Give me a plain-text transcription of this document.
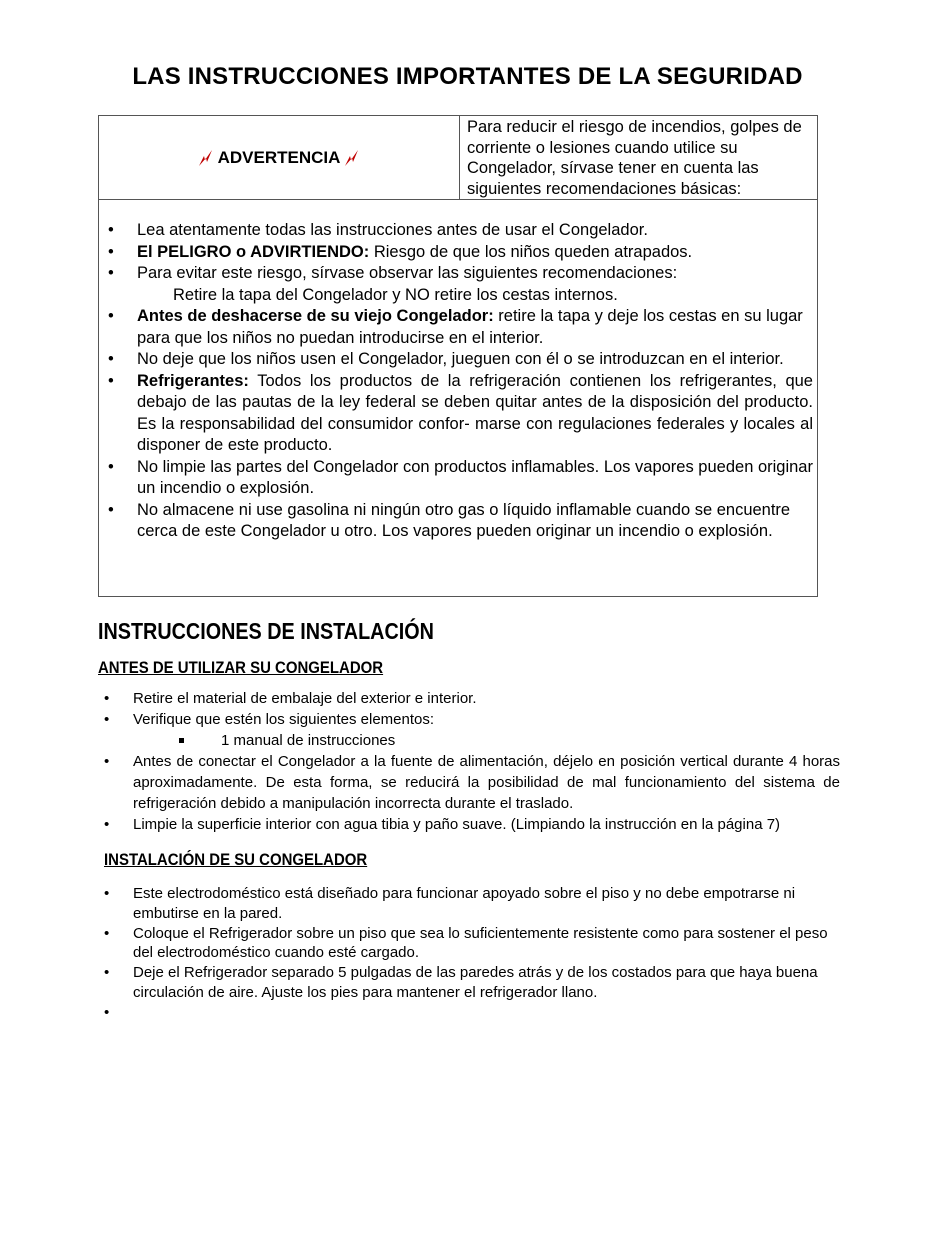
LAS INSTRUCCIONES IMPORTANTES DE LA SEGURIDAD
ADVERTENCIA
Para reducir el riesgo de incendios, golpes de corriente o lesiones cuando utilice su Congelador, sírvase tener en cuenta las siguientes recomendaciones básicas:
• Lea atentamente todas las instrucciones antes de usar el Congelador.
• El PELIGRO o ADVIRTIENDO: Riesgo de que los niños queden atrapados.
• Para evitar este riesgo, sírvase observar las siguientes recomendaciones:
Retire la tapa del Congelador y NO retire los cestas internos.
• Antes de deshacerse de su viejo Congelador: retire la tapa y deje los cestas en su lugar para que los niños no puedan introducirse en el interior.
• No deje que los niños usen el Congelador, jueguen con él o se introduzcan en el interior.
• Refrigerantes: Todos los productos de la refrigeración contienen los refrigerantes, que debajo de las pautas de la ley federal se deben quitar antes de la disposición del producto. Es la responsabilidad del consumidor confor- marse con regulaciones federales y locales al disponer de este producto.
• No limpie las partes del Congelador con productos inflamables. Los vapores pueden originar un incendio o explosión.
• No almacene ni use gasolina ni ningún otro gas o líquido inflamable cuando se encuentre cerca de este Congelador u otro. Los vapores pueden originar un incendio o explosión.
INSTRUCCIONES DE INSTALACIÓN
ANTES DE UTILIZAR SU CONGELADOR
• Retire el material de embalaje del exterior e interior.
• Verifique que estén los siguientes elementos:
1 manual de instrucciones
• Antes de conectar el Congelador a la fuente de alimentación, déjelo en posición vertical durante 4 horas aproximadamente. De esta forma, se reducirá la posibilidad de mal funcionamiento del sistema de refrigeración debido a manipulación incorrecta durante el traslado.
• Limpie la superficie interior con agua tibia y paño suave. (Limpiando la instrucción en la página 7)
INSTALACIÓN DE SU CONGELADOR
• Este electrodoméstico está diseñado para funcionar apoyado sobre el piso y no debe empotrarse ni embutirse en la pared.
• Coloque el Refrigerador sobre un piso que sea lo suficientemente resistente como para sostener el peso del electrodoméstico cuando esté cargado.
• Deje el Refrigerador separado 5 pulgadas de las paredes atrás y de los costados para que haya buena circulación de aire. Ajuste los pies para mantener el refrigerador llano.
•
